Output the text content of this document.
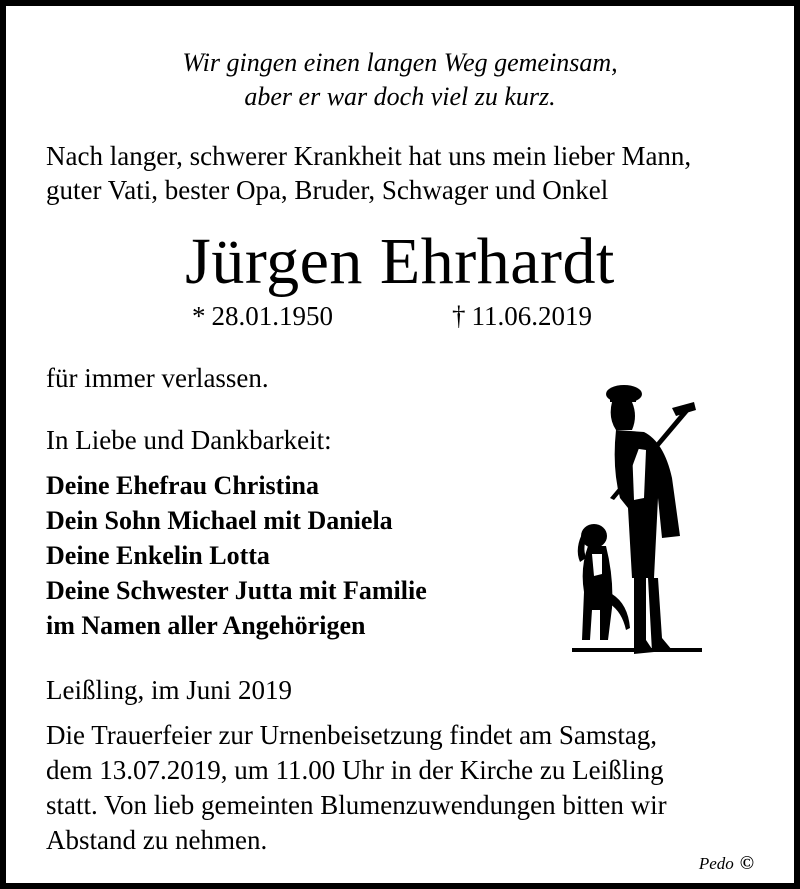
Wir gingen einen langen Weg gemeinsam,
aber er war doch viel zu kurz.
Nach langer, schwerer Krankheit hat uns mein lieber Mann,
guter Vati, bester Opa, Bruder, Schwager und Onkel
Jürgen Ehrhardt
* 28.01.1950	† 11.06.2019
für immer verlassen.
In Liebe und Dankbarkeit:
Deine Ehefrau Christina
Dein Sohn Michael mit Daniela
Deine Enkelin Lotta
Deine Schwester Jutta mit Familie
im Namen aller Angehörigen
Leißling, im Juni 2019
Die Trauerfeier zur Urnenbeisetzung findet am Samstag,
dem 13.07.2019, um 11.00 Uhr in der Kirche zu Leißling
statt. Von lieb gemeinten Blumenzuwendungen bitten wir
Abstand zu nehmen.
Pedo ©
